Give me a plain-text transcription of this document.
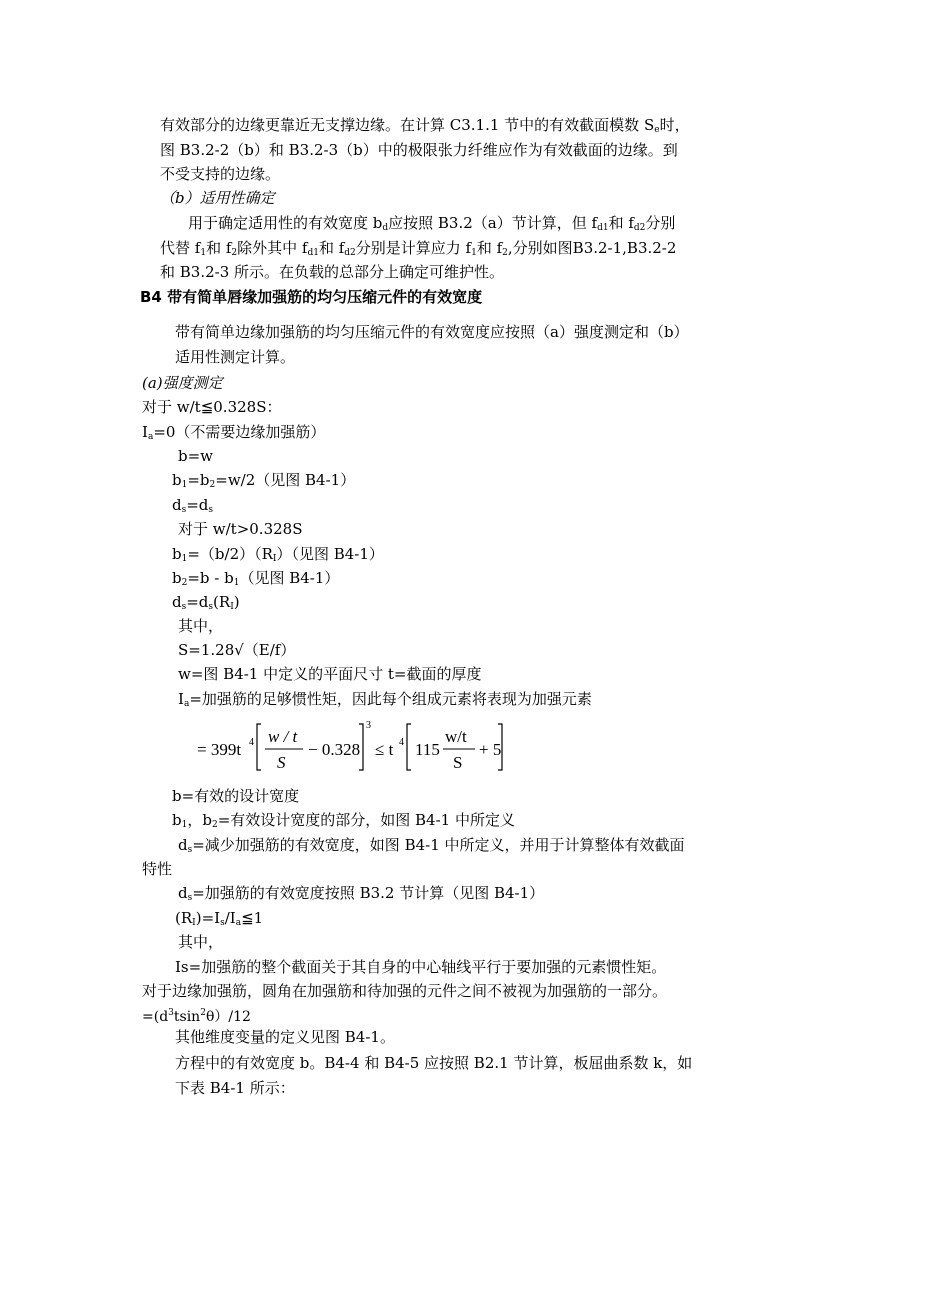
有效部分的边缘更靠近无支撑边缘。在计算 C3.1.1 节中的有效截面模数 $S_e$时，
图 B3.2-2（b）和 B3.2-3（b）中的极限张力纤维应作为有效截面的边缘。到
不受支持的边缘。
（b）适用性确定
用于确定适用性的有效宽度 $b_d$应按照 B3.2（a）节计算，但 $f_{d1}$和 $f_{d2}$分别
代替 $f_1$和 $f_2$除外其中 $f_{d1}$和 $f_{d2}$分别是计算应力 $f_1$和 $f_2$,分别如图B3.2-1,B3.2-2
和 B3.2-3 所示。在负载的总部分上确定可维护性。
B4 带有简单唇缘加强筋的均匀压缩元件的有效宽度
带有简单边缘加强筋的均匀压缩元件的有效宽度应按照（a）强度测定和（b）
适用性测定计算。
(a)强度测定
对于 w/t≦0.328S：
$I_a=0$（不需要边缘加强筋）
b=w
$b_1=b_2=w/2$（见图 B4-1）
$d_s=d_s$
对于 w/t>0.328S
$b_1=(b/2)(R_I)$（见图 B4-1）
$b_2=b - b_1$（见图 B4-1）
$d_s=d_s(R_I)$
其中，
S=1.28√（E/f）
w=图 B4-1 中定义的平面尺寸 t=截面的厚度
$I_a=$加强筋的足够惯性矩，因此每个组成元素将表现为加强元素
= 399t 4 w / t
S
− 0.328
3
≤ t 4 115
w/t
S
+ 5
b=有效的设计宽度
$b_1$，$b_2=$有效设计宽度的部分，如图 B4-1 中所定义
$d_s=$减少加强筋的有效宽度，如图 B4-1 中所定义，并用于计算整体有效截面
特性
$d_s=$加强筋的有效宽度按照 B3.2 节计算（见图 B4-1）
$(R_I)=I_s/I_a≦1$
其中，
Is=加强筋的整个截面关于其自身的中心轴线平行于要加强的元素惯性矩。
对于边缘加强筋，圆角在加强筋和待加强的元件之间不被视为加强筋的一部分。
$=(d^3tsin^2\theta)/12$
其他维度变量的定义见图 B4-1。
方程中的有效宽度 b。B4-4 和 B4-5 应按照 B2.1 节计算，板屈曲系数 k，如
下表 B4-1 所示：
